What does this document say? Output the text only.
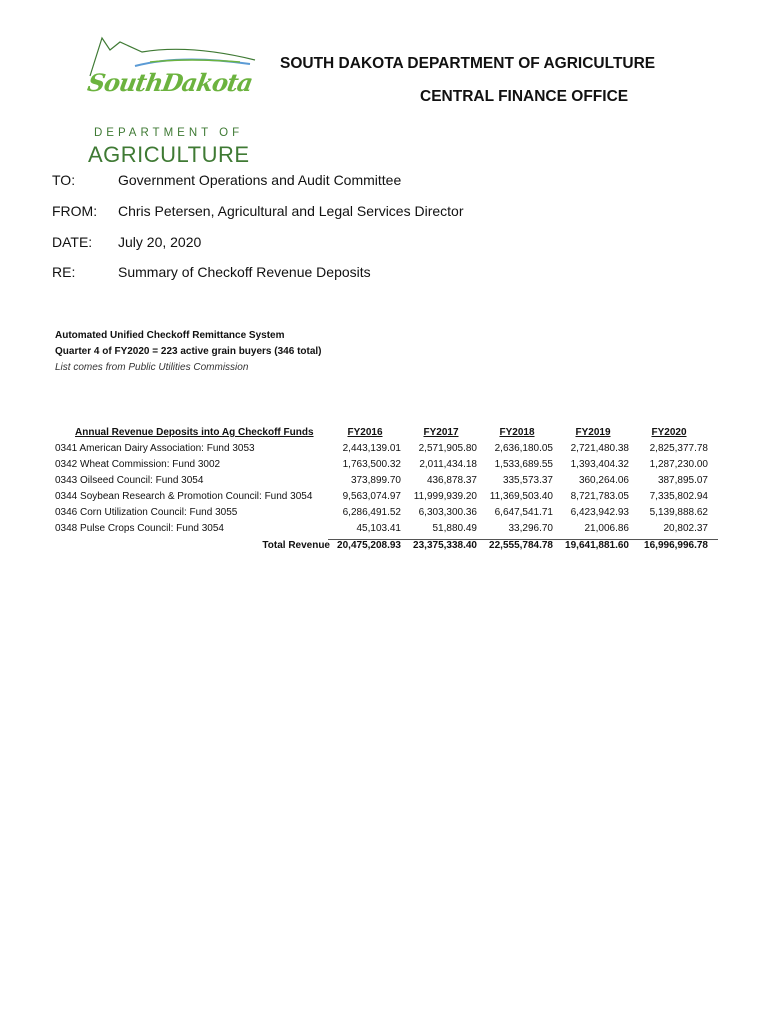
SouthDakota
DEPARTMENT OF
AGRICULTURE
SOUTH DAKOTA DEPARTMENT OF AGRICULTURE
CENTRAL FINANCE OFFICE
TO:	Government Operations and Audit Committee
FROM: Chris Petersen, Agricultural and Legal Services Director
DATE: July 20, 2020
RE:	Summary of Checkoff Revenue Deposits
Automated Unified Checkoff Remittance System
Quarter 4 of FY2020 = 223 active grain buyers (346 total)
List comes from Public Utilities Commission
Annual Revenue Deposits into Ag Checkoff Funds	FY2016	FY2017	FY2018	FY2019	FY2020
0341 American Dairy Association: Fund 3053	2,443,139.01	2,571,905.80	2,636,180.05	2,721,480.38	2,825,377.78
0342 Wheat Commission: Fund 3002	1,763,500.32	2,011,434.18	1,533,689.55	1,393,404.32	1,287,230.00
0343 Oilseed Council: Fund 3054	373,899.70	436,878.37	335,573.37	360,264.06	387,895.07
0344 Soybean Research & Promotion Council: Fund 3054	9,563,074.97	11,999,939.20	11,369,503.40	8,721,783.05	7,335,802.94
0346 Corn Utilization Council: Fund 3055	6,286,491.52	6,303,300.36	6,647,541.71	6,423,942.93	5,139,888.62
0348 Pulse Crops Council: Fund 3054	45,103.41	51,880.49	33,296.70	21,006.86	20,802.37
Total Revenue 20,475,208.93	23,375,338.40	22,555,784.78	19,641,881.60	16,996,996.78
